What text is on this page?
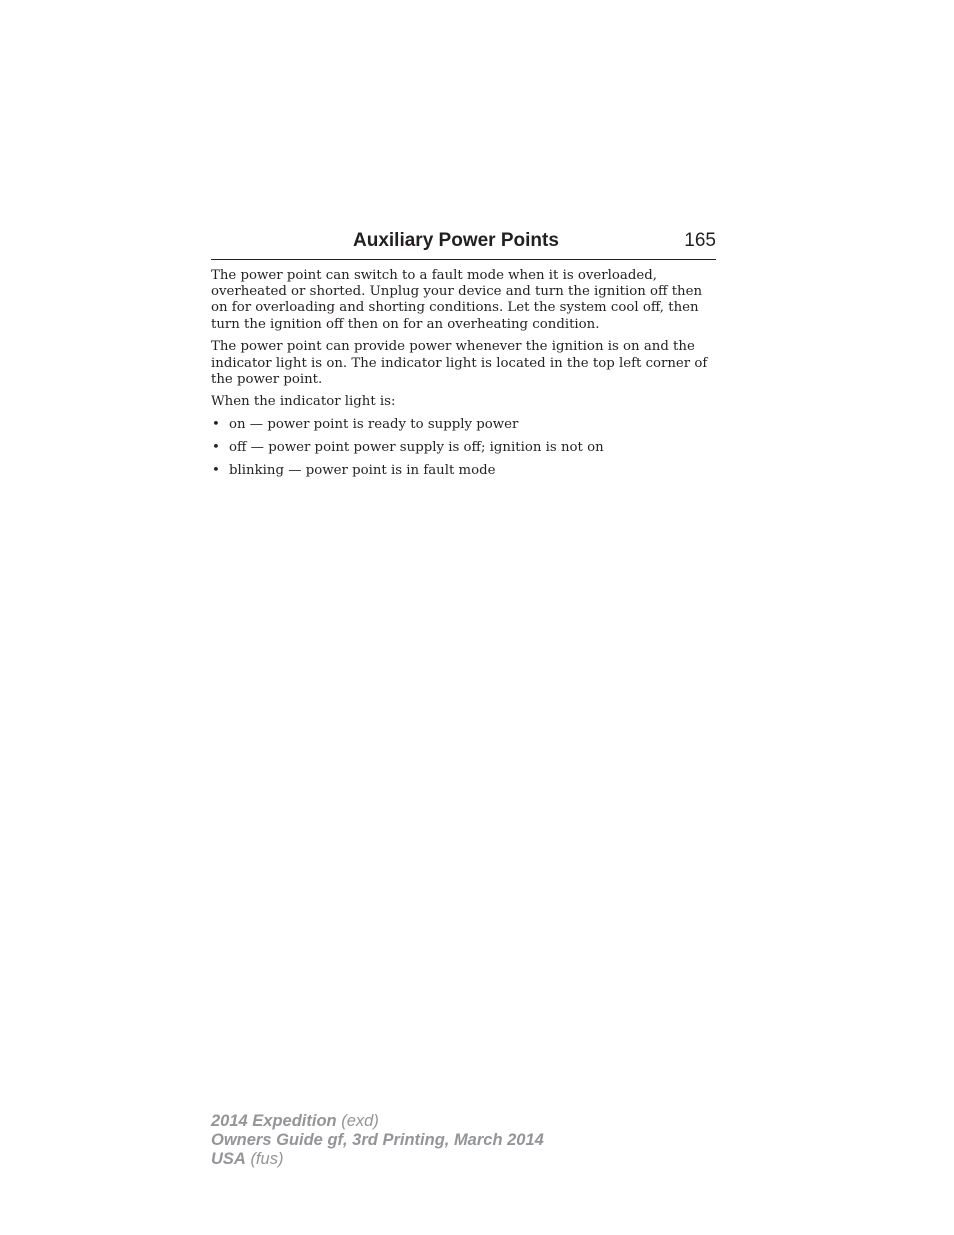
Auxiliary Power Points	165

The power point can switch to a fault mode when it is overloaded, overheated or shorted. Unplug your device and turn the ignition off then on for overloading and shorting conditions. Let the system cool off, then turn the ignition off then on for an overheating condition.

The power point can provide power whenever the ignition is on and the indicator light is on. The indicator light is located in the top left corner of the power point.

When the indicator light is:

• on — power point is ready to supply power
• off — power point power supply is off; ignition is not on
• blinking — power point is in fault mode
2014 Expedition (exd)
Owners Guide gf, 3rd Printing, March 2014
USA (fus)
